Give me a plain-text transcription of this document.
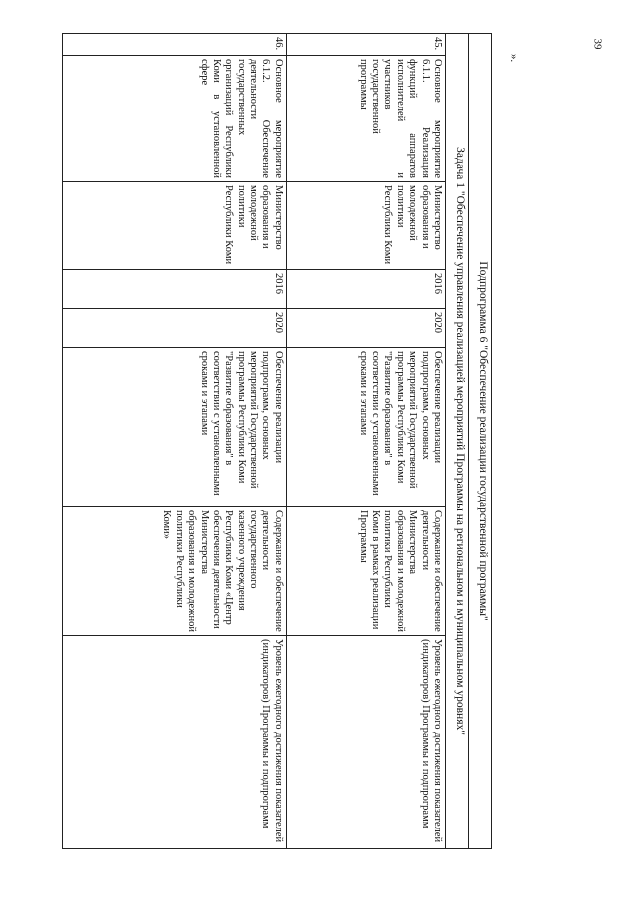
39
».
Подпрограмма 6 "Обеспечение реализации государственной программы"							
Задача 1 "Обеспечение управления реализацией мероприятий Программы на региональном и муниципальном уровнях"							
45.	Основное мероприятие 6.1.1. Реализация функций аппаратов исполнителей и участников государственной программы	Министерство образования и молодежной политики Республики Коми	2016	2020	Обеспечение реализации подпрограмм, основных мероприятий Государственной программы Республики Коми "Развитие образования" в соответствии с установленными сроками и этапами	Содержание и обеспечение деятельности Министерства образования и молодежной политики Республики Коми в рамках реализации Программы	Уровень ежегодного достижения показателей (индикаторов) Программы и подпрограмм
46.	Основное мероприятие 6.1.2. Обеспечение деятельности государственных организаций Республики Коми в установленной сфере	Министерство образования и молодежной политики Республики Коми	2016	2020	Обеспечение реализации подпрограмм, основных мероприятий Государственной программы Республики Коми "Развитие образования" в соответствии с установленными сроками и этапами	Содержание и обеспечение деятельности государственного казенного учреждения Республики Коми «Центр обеспечения деятельности Министерства образования и молодежной политики Республики Коми»	Уровень ежегодного достижения показателей (индикаторов) Программы и подпрограмм
